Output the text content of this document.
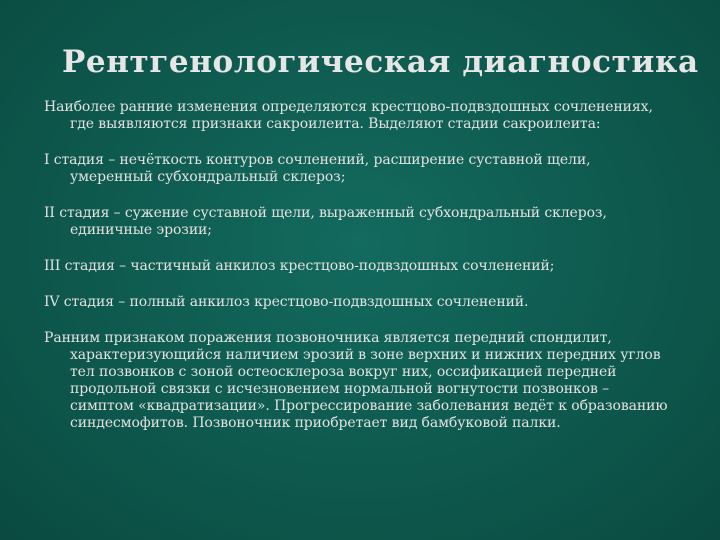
Рентгенологическая диагностика

Наиболее ранние изменения определяются крестцово-подвздошных сочленениях, где выявляются признаки сакроилеита. Выделяют стадии сакроилеита:

I стадия – нечёткость контуров сочленений, расширение суставной щели, умеренный субхондральный склероз;

II стадия – сужение суставной щели, выраженный субхондральный склероз, единичные эрозии;

III стадия – частичный анкилоз крестцово-подвздошных сочленений;

IV стадия – полный анкилоз крестцово-подвздошных сочленений.

Ранним признаком поражения позвоночника является передний спондилит, характеризующийся наличием эрозий в зоне верхних и нижних передних углов тел позвонков с зоной остеосклероза вокруг них, оссификацией передней продольной связки с исчезновением нормальной вогнутости позвонков – симптом «квадратизации». Прогрессирование заболевания ведёт к образованию синдесмофитов. Позвоночник приобретает вид бамбуковой палки.
